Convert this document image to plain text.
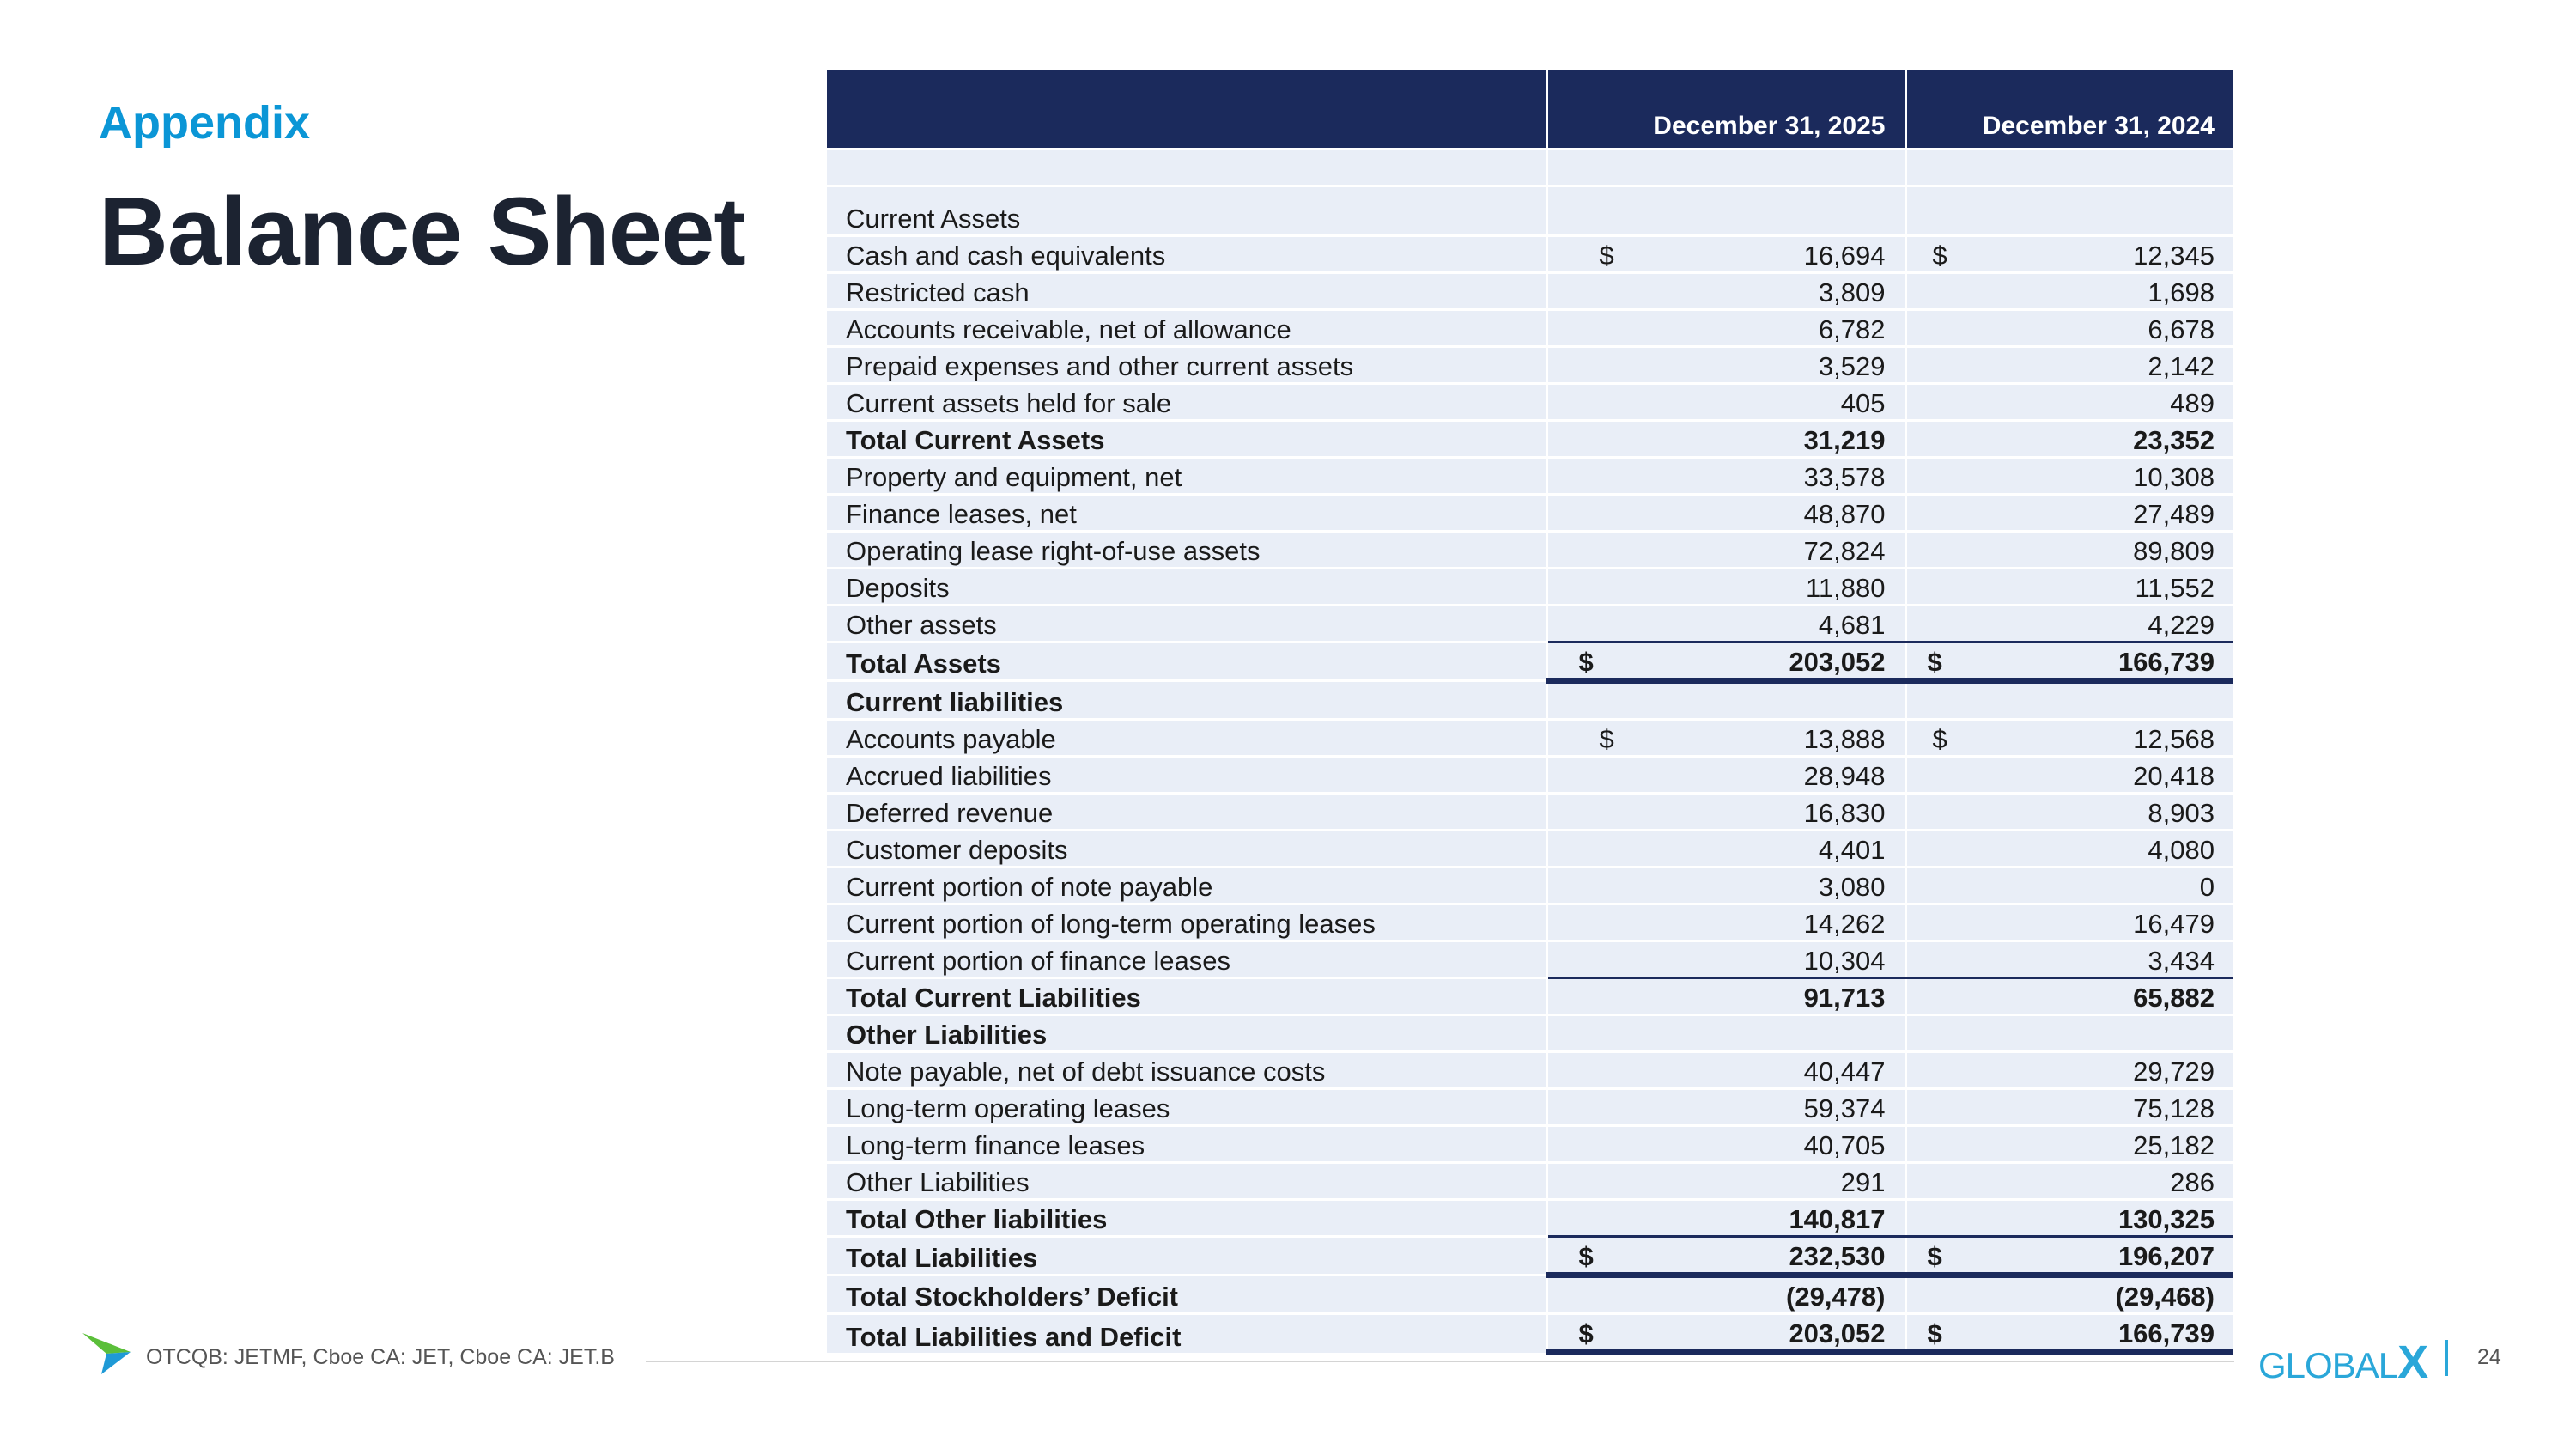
Appendix
Balance Sheet
	December 31, 2025	December 31, 2024

Current Assets		
Cash and cash equivalents	$ 16,694	$ 12,345
Restricted cash	3,809	1,698
Accounts receivable, net of allowance	6,782	6,678
Prepaid expenses and other current assets	3,529	2,142
Current assets held for sale	405	489
Total Current Assets	31,219	23,352
Property and equipment, net	33,578	10,308
Finance leases, net	48,870	27,489
Operating lease right-of-use assets	72,824	89,809
Deposits	11,880	11,552
Other assets	4,681	4,229
Total Assets	$ 203,052	$ 166,739
Current liabilities		
Accounts payable	$ 13,888	$ 12,568
Accrued liabilities	28,948	20,418
Deferred revenue	16,830	8,903
Customer deposits	4,401	4,080
Current portion of note payable	3,080	0
Current portion of long-term operating leases	14,262	16,479
Current portion of finance leases	10,304	3,434
Total Current Liabilities	91,713	65,882
Other Liabilities		
Note payable, net of debt issuance costs	40,447	29,729
Long-term operating leases	59,374	75,128
Long-term finance leases	40,705	25,182
Other Liabilities	291	286
Total Other liabilities	140,817	130,325
Total Liabilities	$ 232,530	$ 196,207
Total Stockholders’ Deficit	(29,478)	(29,468)
Total Liabilities and Deficit	$ 203,052	$ 166,739
OTCQB: JETMF, Cboe CA: JET, Cboe CA: JET.B	GLOBALX 24
